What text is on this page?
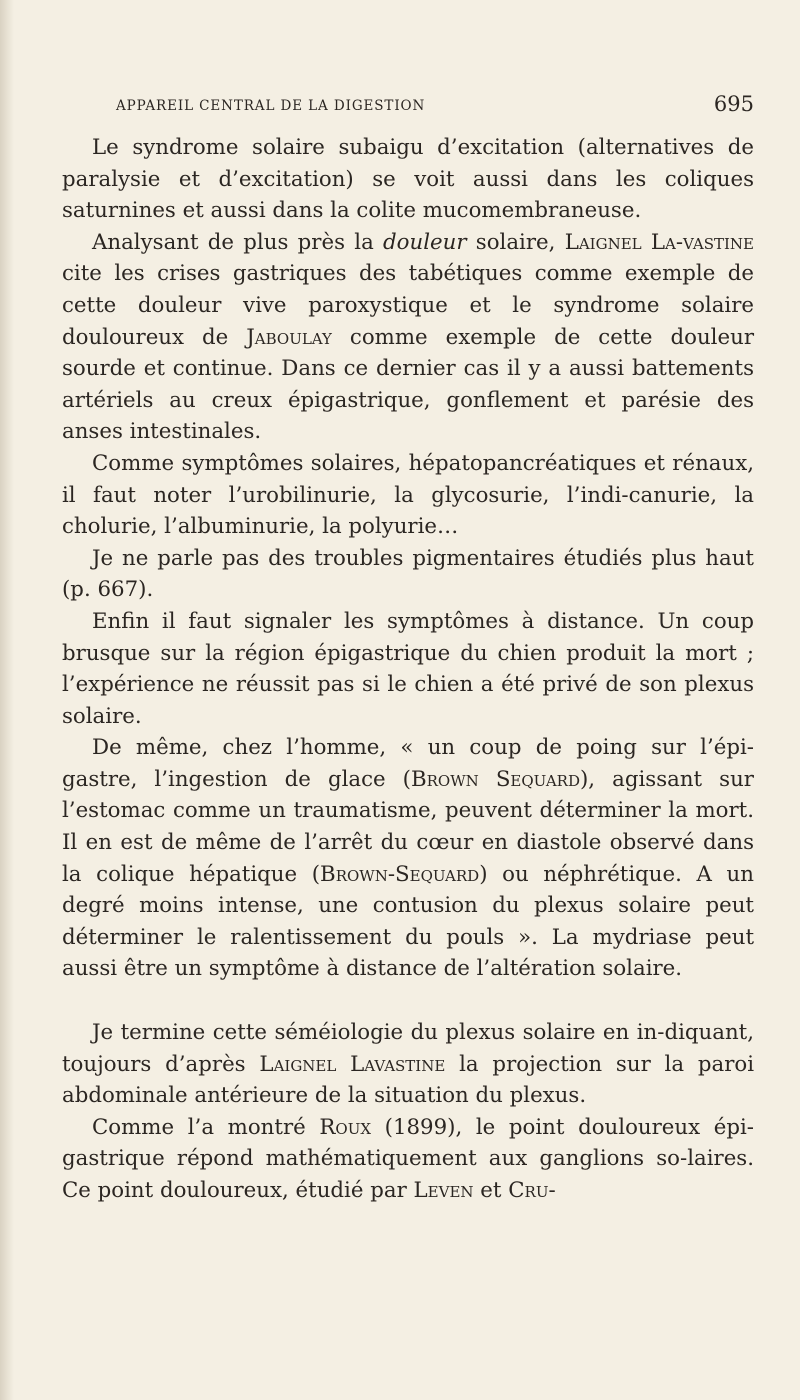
APPAREIL CENTRAL DE LA DIGESTION	695

Le syndrome solaire subaigu d’excitation (alternatives de paralysie et d’excitation) se voit aussi dans les coliques saturnines et aussi dans la colite mucomembraneuse.

Analysant de plus près la douleur solaire, Laignel La-vastine cite les crises gastriques des tabétiques comme exemple de cette douleur vive paroxystique et le syndrome solaire douloureux de Jaboulay comme exemple de cette douleur sourde et continue. Dans ce dernier cas il y a aussi battements artériels au creux épigastrique, gonflement et parésie des anses intestinales.

Comme symptômes solaires, hépatopancréatiques et rénaux, il faut noter l’urobilinurie, la glycosurie, l’indi-canurie, la cholurie, l’albuminurie, la polyurie…

Je ne parle pas des troubles pigmentaires étudiés plus haut (p. 667).

Enfin il faut signaler les symptômes à distance. Un coup brusque sur la région épigastrique du chien produit la mort ; l’expérience ne réussit pas si le chien a été privé de son plexus solaire.

De même, chez l’homme, « un coup de poing sur l’épi-gastre, l’ingestion de glace (Brown Sequard), agissant sur l’estomac comme un traumatisme, peuvent déterminer la mort. Il en est de même de l’arrêt du cœur en diastole observé dans la colique hépatique (Brown-Sequard) ou néphrétique. A un degré moins intense, une contusion du plexus solaire peut déterminer le ralentissement du pouls ». La mydriase peut aussi être un symptôme à distance de l’altération solaire.

Je termine cette séméiologie du plexus solaire en in-diquant, toujours d’après Laignel Lavastine la projection sur la paroi abdominale antérieure de la situation du plexus.

Comme l’a montré Roux (1899), le point douloureux épi-gastrique répond mathématiquement aux ganglions so-laires. Ce point douloureux, étudié par Leven et Cru-
